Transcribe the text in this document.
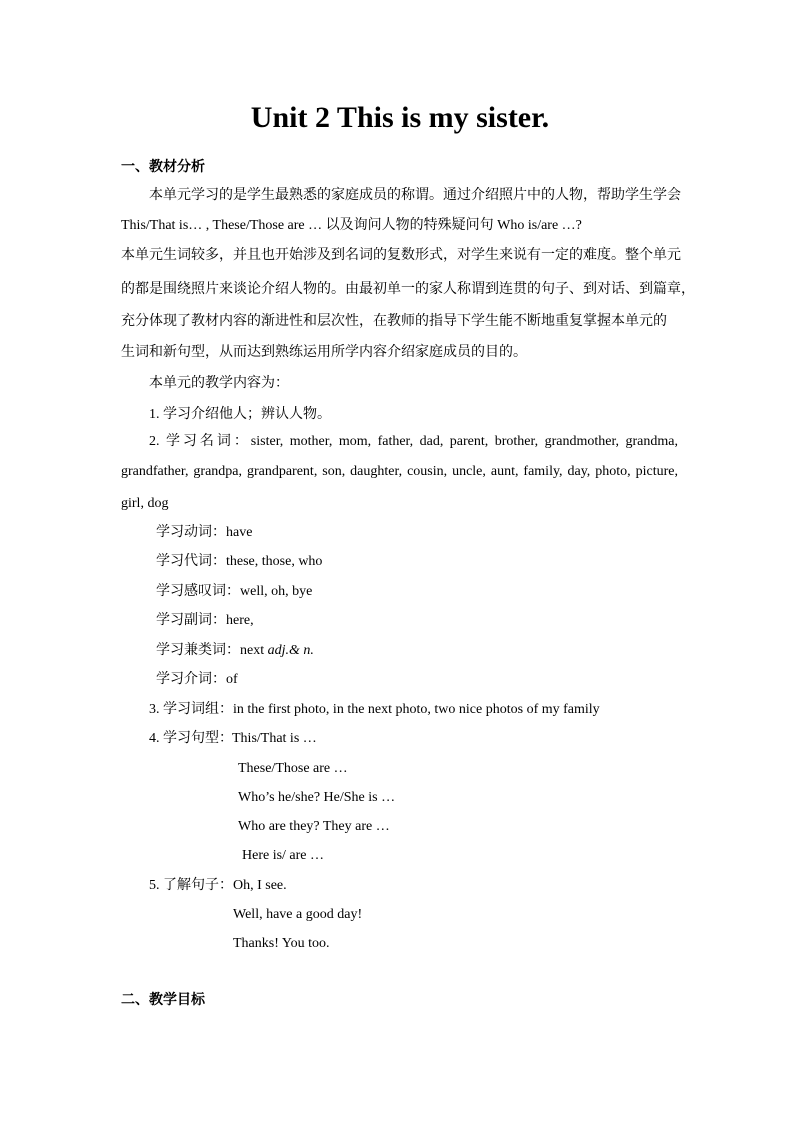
Unit 2 This is my sister.
一、教材分析
本单元学习的是学生最熟悉的家庭成员的称谓。通过介绍照片中的人物，帮助学生学会
This/That is… , These/Those are … 以及询问人物的特殊疑问句 Who is/are …?
本单元生词较多，并且也开始涉及到名词的复数形式，对学生来说有一定的难度。整个单元
的都是围绕照片来谈论介绍人物的。由最初单一的家人称谓到连贯的句子、到对话、到篇章，
充分体现了教材内容的渐进性和层次性，在教师的指导下学生能不断地重复掌握本单元的
生词和新句型，从而达到熟练运用所学内容介绍家庭成员的目的。
本单元的教学内容为：
1. 学习介绍他人；辨认人物。
2. 学习名词：sister, mother, mom, father, dad, parent, brother, grandmother, grandma,
grandfather, grandpa, grandparent, son, daughter, cousin, uncle, aunt, family, day, photo, picture,
girl, dog
学习动词：have
学习代词：these, those, who
学习感叹词：well, oh, bye
学习副词：here,
学习兼类词：next adj.& n.
学习介词：of
3. 学习词组：in the first photo, in the next photo, two nice photos of my family
4. 学习句型： This/That is …
These/Those are …
Who’s he/she? He/She is …
Who are they? They are …
Here is/ are …
5. 了解句子： Oh, I see.
Well, have a good day!
Thanks! You too.
二、教学目标
